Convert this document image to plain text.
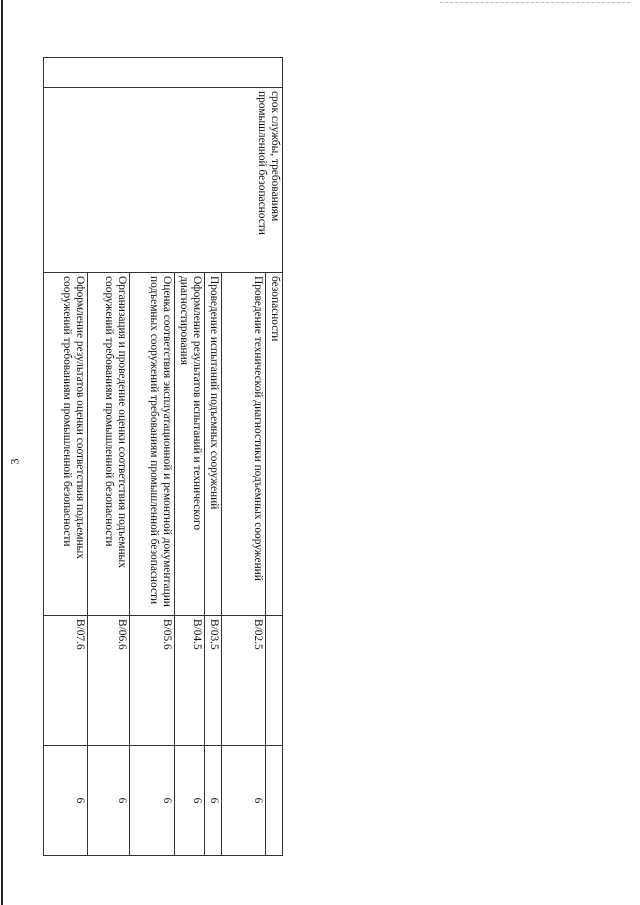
3
	срок службы, требованиям промышленной безопасности	безопасности		
		Проведение технической диагностики подъемных сооружений	B/02.5	6
		Проведение испытаний подъемных сооружений	B/03.5	6
		Оформление результатов испытаний и технического диагностирования	B/04.5	6
		Оценка соответствия эксплуатационной и ремонтной документации подъемных сооружений требованиям промышленной безопасности	B/05.6	6
		Организация и проведение оценки соответствия подъемных сооружений требованиям промышленной безопасности	B/06.6	6
		Оформление результатов оценки соответствия подъемных сооружений требованиям промышленной безопасности	B/07.6	6
